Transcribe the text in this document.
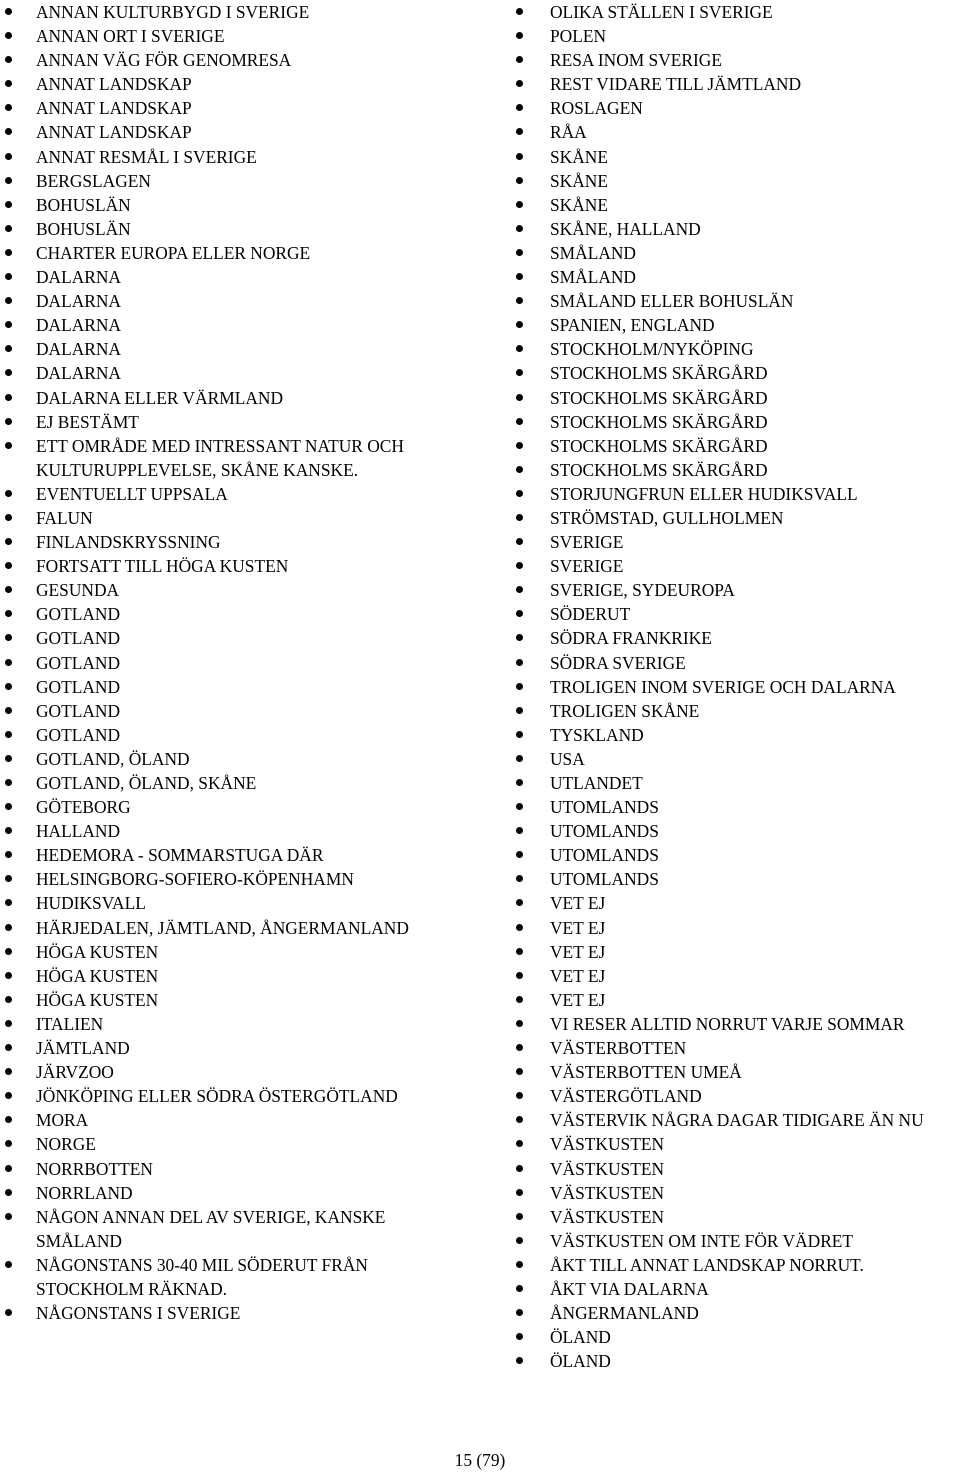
ANNAN KULTURBYGD I SVERIGE
ANNAN ORT I SVERIGE
ANNAN VÄG FÖR GENOMRESA
ANNAT LANDSKAP
ANNAT LANDSKAP
ANNAT LANDSKAP
ANNAT RESMÅL I SVERIGE
BERGSLAGEN
BOHUSLÄN
BOHUSLÄN
CHARTER EUROPA ELLER NORGE
DALARNA
DALARNA
DALARNA
DALARNA
DALARNA
DALARNA ELLER VÄRMLAND
EJ BESTÄMT
ETT OMRÅDE MED INTRESSANT NATUR OCH KULTURUPPLEVELSE, SKÅNE KANSKE.
EVENTUELLT UPPSALA
FALUN
FINLANDSKRYSSNING
FORTSATT TILL HÖGA KUSTEN
GESUNDA
GOTLAND
GOTLAND
GOTLAND
GOTLAND
GOTLAND
GOTLAND
GOTLAND, ÖLAND
GOTLAND, ÖLAND, SKÅNE
GÖTEBORG
HALLAND
HEDEMORA - SOMMARSTUGA DÄR
HELSINGBORG-SOFIERO-KÖPENHAMN
HUDIKSVALL
HÄRJEDALEN, JÄMTLAND, ÅNGERMANLAND
HÖGA KUSTEN
HÖGA KUSTEN
HÖGA KUSTEN
ITALIEN
JÄMTLAND
JÄRVZOO
JÖNKÖPING ELLER SÖDRA ÖSTERGÖTLAND
MORA
NORGE
NORRBOTTEN
NORRLAND
NÅGON ANNAN DEL AV SVERIGE, KANSKE SMÅLAND
NÅGONSTANS 30-40 MIL SÖDERUT FRÅN STOCKHOLM RÄKNAD.
NÅGONSTANS I SVERIGE
OLIKA STÄLLEN I SVERIGE
POLEN
RESA INOM SVERIGE
REST VIDARE TILL JÄMTLAND
ROSLAGEN
RÅA
SKÅNE
SKÅNE
SKÅNE
SKÅNE, HALLAND
SMÅLAND
SMÅLAND
SMÅLAND ELLER BOHUSLÄN
SPANIEN, ENGLAND
STOCKHOLM/NYKÖPING
STOCKHOLMS SKÄRGÅRD
STOCKHOLMS SKÄRGÅRD
STOCKHOLMS SKÄRGÅRD
STOCKHOLMS SKÄRGÅRD
STOCKHOLMS SKÄRGÅRD
STORJUNGFRUN ELLER HUDIKSVALL
STRÖMSTAD, GULLHOLMEN
SVERIGE
SVERIGE
SVERIGE, SYDEUROPA
SÖDERUT
SÖDRA FRANKRIKE
SÖDRA SVERIGE
TROLIGEN INOM SVERIGE OCH DALARNA
TROLIGEN SKÅNE
TYSKLAND
USA
UTLANDET
UTOMLANDS
UTOMLANDS
UTOMLANDS
UTOMLANDS
VET EJ
VET EJ
VET EJ
VET EJ
VET EJ
VI RESER ALLTID NORRUT VARJE SOMMAR
VÄSTERBOTTEN
VÄSTERBOTTEN UMEÅ
VÄSTERGÖTLAND
VÄSTERVIK NÅGRA DAGAR TIDIGARE ÄN NU
VÄSTKUSTEN
VÄSTKUSTEN
VÄSTKUSTEN
VÄSTKUSTEN
VÄSTKUSTEN OM INTE FÖR VÄDRET
ÅKT TILL ANNAT LANDSKAP NORRUT.
ÅKT VIA DALARNA
ÅNGERMANLAND
ÖLAND
ÖLAND
15 (79)
